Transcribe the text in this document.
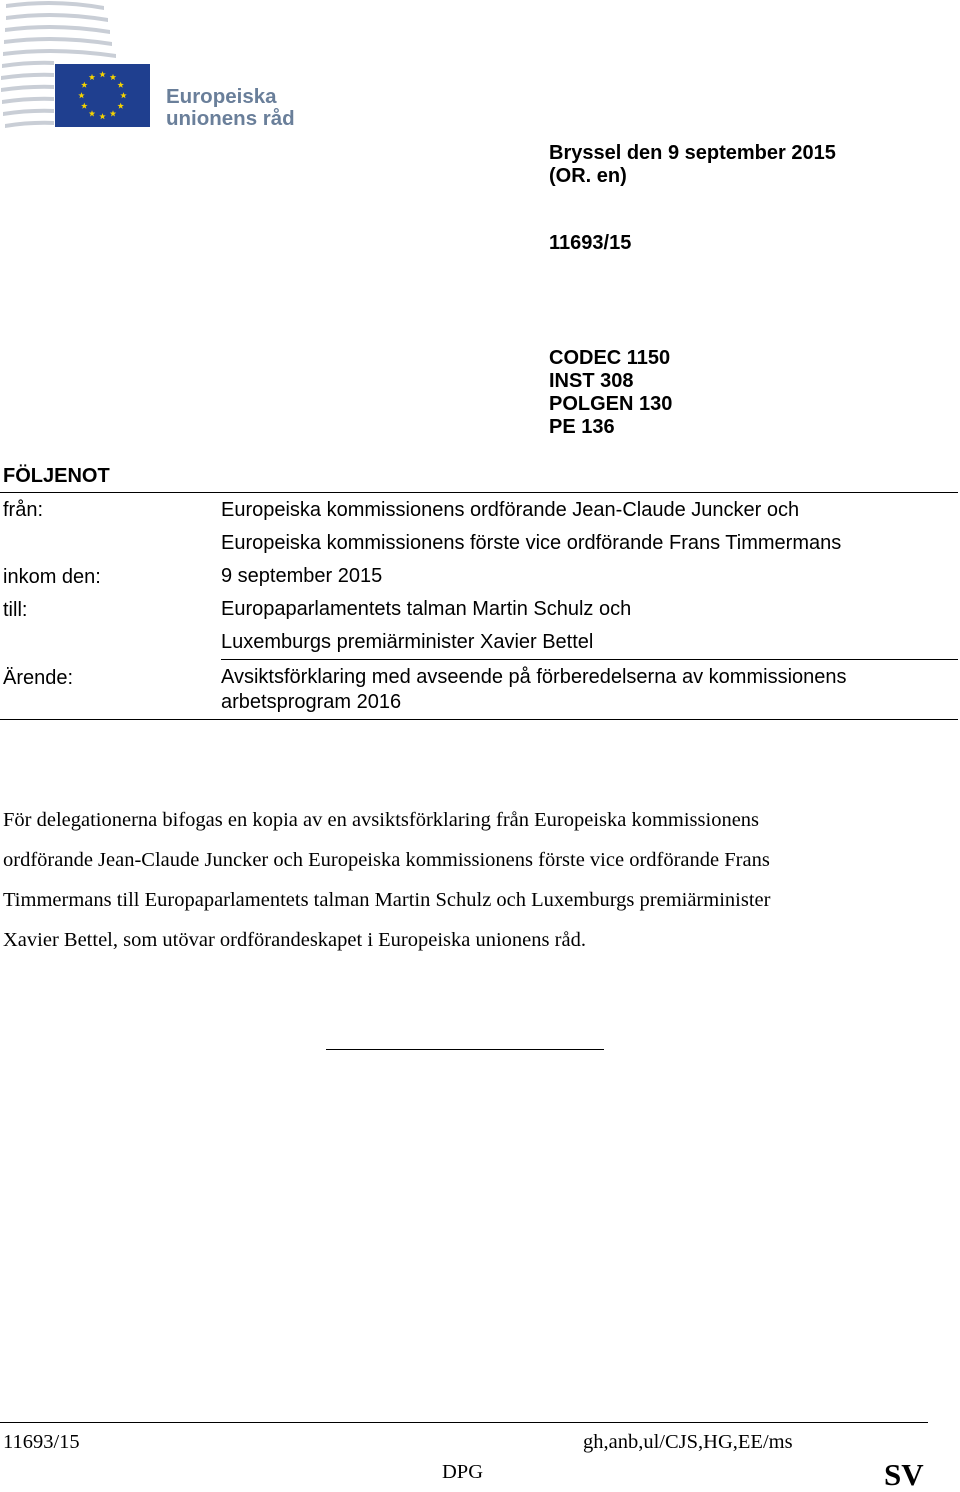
Europeiska
unionens råd
Bryssel den 9 september 2015
(OR. en)
11693/15
CODEC 1150
INST 308
POLGEN 130
PE 136
FÖLJENOT
från:	Europeiska kommissionens ordförande Jean-Claude Juncker och
Europeiska kommissionens förste vice ordförande Frans Timmermans
inkom den:	9 september 2015
till:	Europaparlamentets talman Martin Schulz och
Luxemburgs premiärminister Xavier Bettel
Ärende:	Avsiktsförklaring med avseende på förberedelserna av kommissionens
arbetsprogram 2016
För delegationerna bifogas en kopia av en avsiktsförklaring från Europeiska kommissionens
ordförande Jean-Claude Juncker och Europeiska kommissionens förste vice ordförande Frans
Timmermans till Europaparlamentets talman Martin Schulz och Luxemburgs premiärminister
Xavier Bettel, som utövar ordförandeskapet i Europeiska unionens råd.
11693/15	gh,anb,ul/CJS,HG,EE/ms
DPG	SV
